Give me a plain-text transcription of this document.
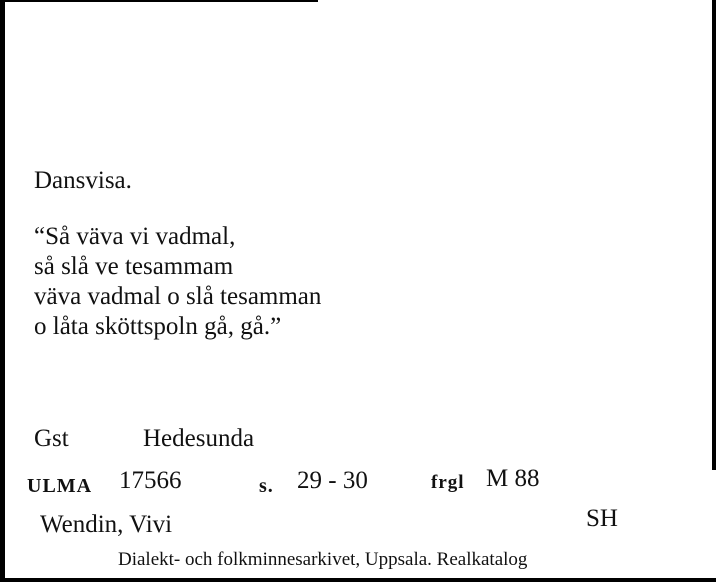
Dansvisa.
“Så väva vi vadmal,
så slå ve tesammam
väva vadmal o slå tesamman
o låta sköttspoln gå, gå.”
Gst	Hedesunda
ULMA 17566	s. 29 - 30	frgl M 88
Wendin, Vivi	SH
Dialekt- och folkminnesarkivet, Uppsala. Realkatalog
